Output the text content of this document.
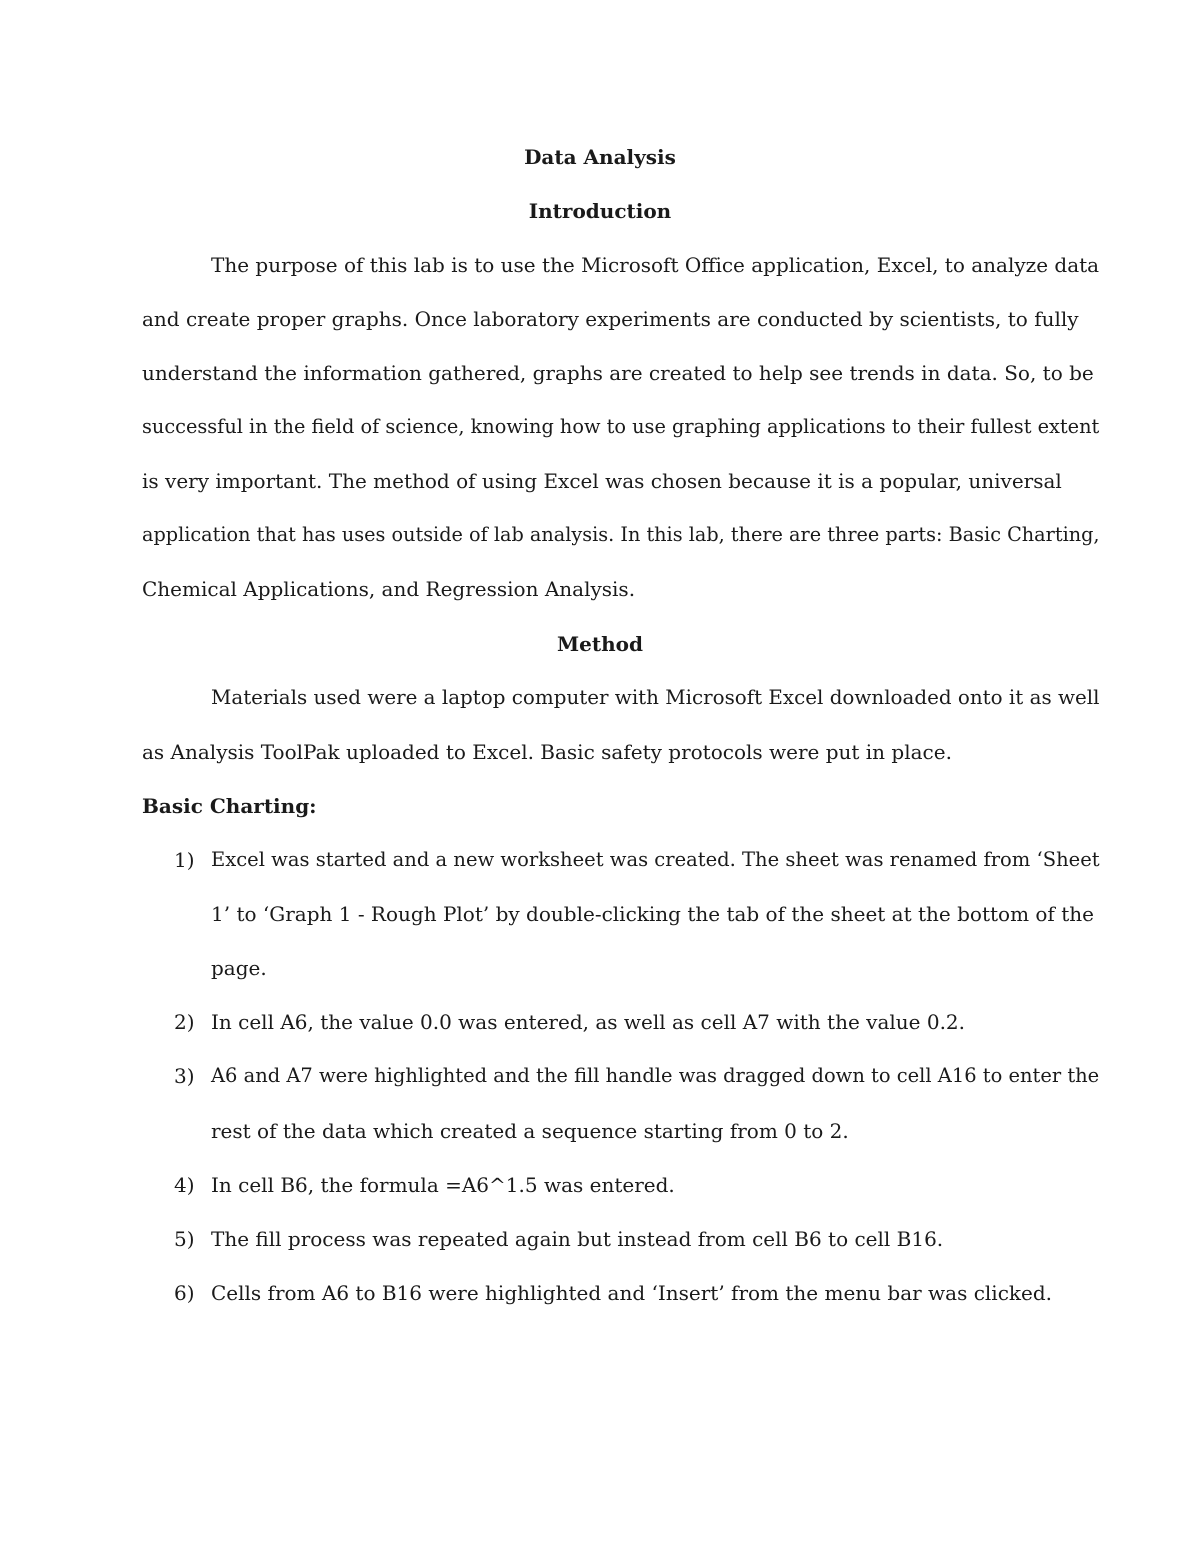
Data Analysis
Introduction
The purpose of this lab is to use the Microsoft Office application, Excel, to analyze data
and create proper graphs. Once laboratory experiments are conducted by scientists, to fully
understand the information gathered, graphs are created to help see trends in data. So, to be
successful in the field of science, knowing how to use graphing applications to their fullest extent
is very important. The method of using Excel was chosen because it is a popular, universal
application that has uses outside of lab analysis. In this lab, there are three parts: Basic Charting,
Chemical Applications, and Regression Analysis.
Method
Materials used were a laptop computer with Microsoft Excel downloaded onto it as well
as Analysis ToolPak uploaded to Excel. Basic safety protocols were put in place.
Basic Charting:
1) Excel was started and a new worksheet was created. The sheet was renamed from ‘Sheet
1’ to ‘Graph 1 - Rough Plot’ by double-clicking the tab of the sheet at the bottom of the
page.
2) In cell A6, the value 0.0 was entered, as well as cell A7 with the value 0.2.
3) A6 and A7 were highlighted and the fill handle was dragged down to cell A16 to enter the
rest of the data which created a sequence starting from 0 to 2.
4) In cell B6, the formula =A6^1.5 was entered.
5) The fill process was repeated again but instead from cell B6 to cell B16.
6) Cells from A6 to B16 were highlighted and ‘Insert’ from the menu bar was clicked.
